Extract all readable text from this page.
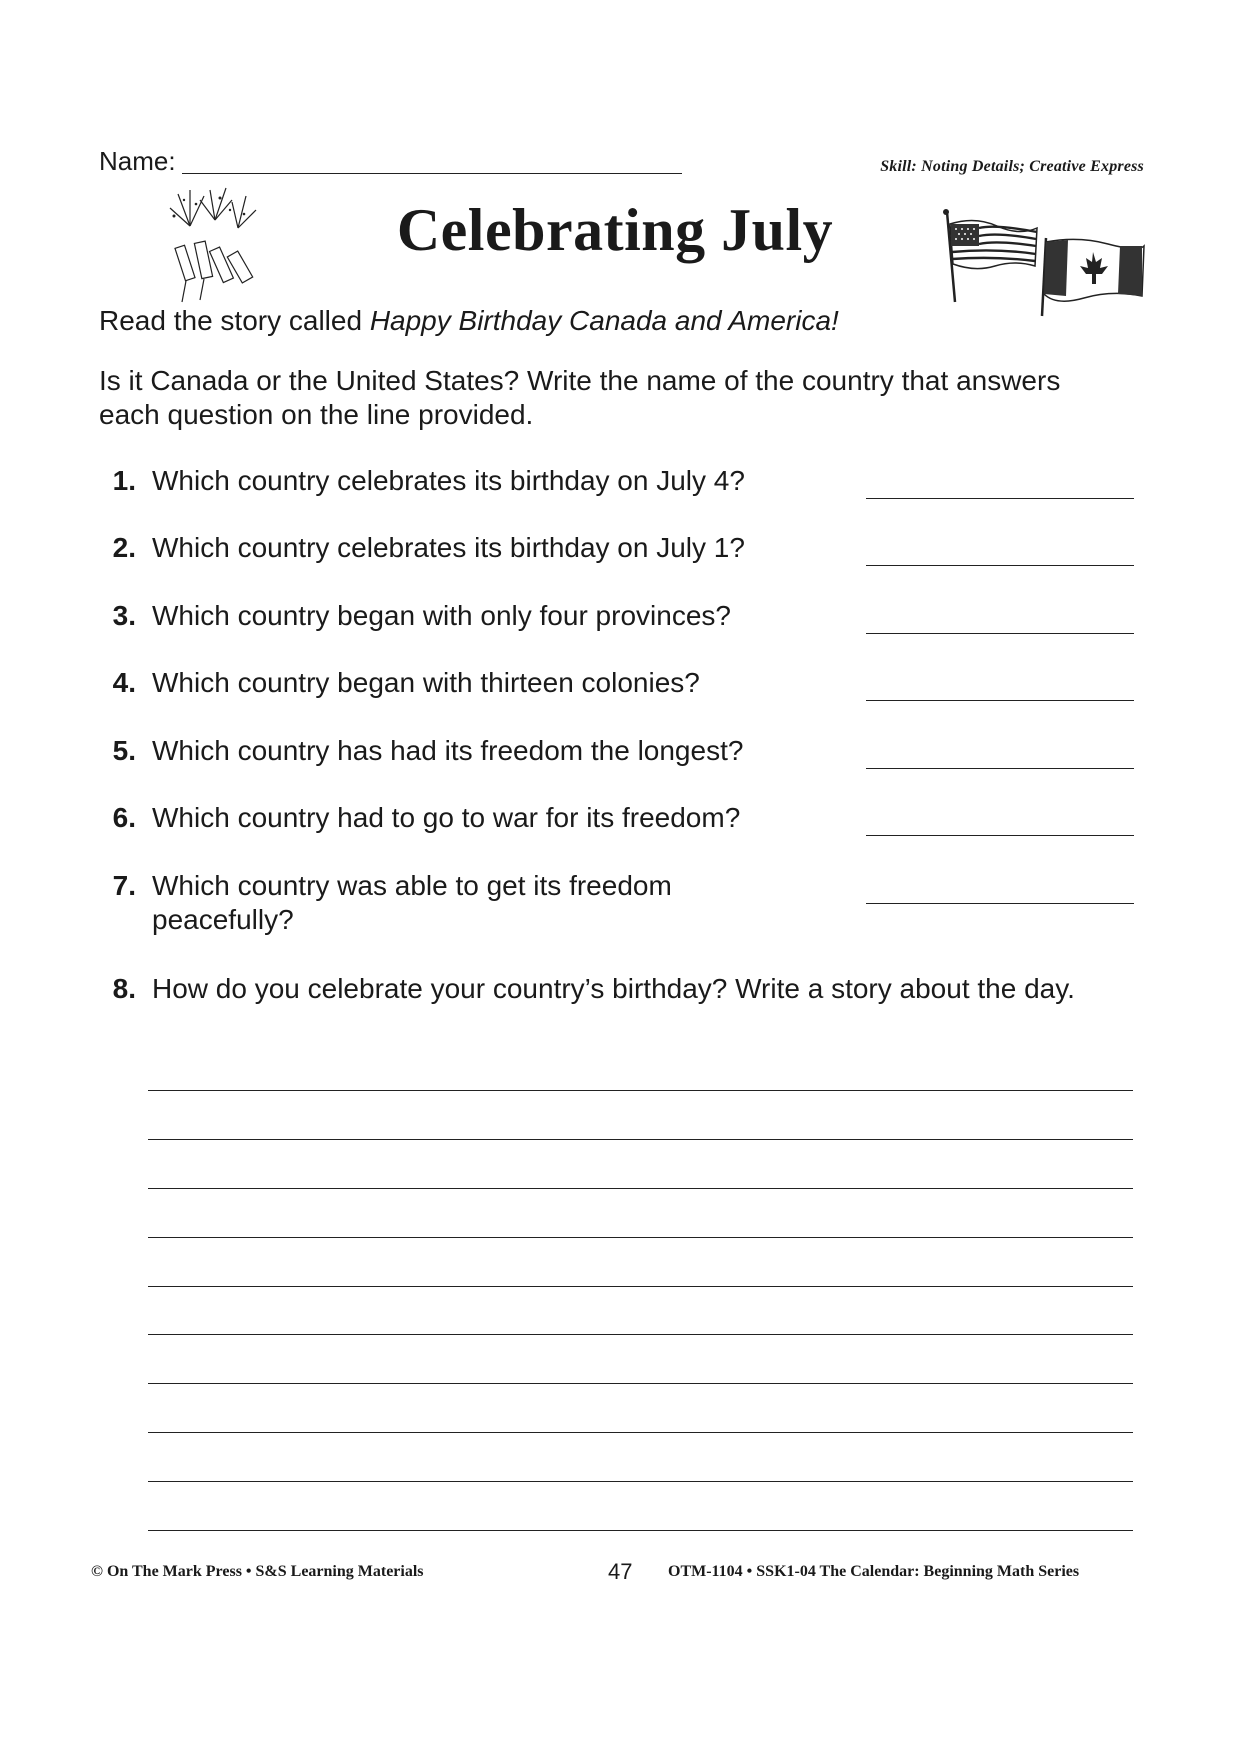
Name:	Skill: Noting Details; Creative Express
Celebrating July
Read the story called Happy Birthday Canada and America!
Is it Canada or the United States? Write the name of the country that answers each question on the line provided.
1. Which country celebrates its birthday on July 4?
2. Which country celebrates its birthday on July 1?
3. Which country began with only four provinces?
4. Which country began with thirteen colonies?
5. Which country has had its freedom the longest?
6. Which country had to go to war for its freedom?
7. Which country was able to get its freedom peacefully?
8. How do you celebrate your country’s birthday? Write a story about the day.
© On The Mark Press • S&S Learning Materials	47 OTM-1104 • SSK1-04 The Calendar: Beginning Math Series
